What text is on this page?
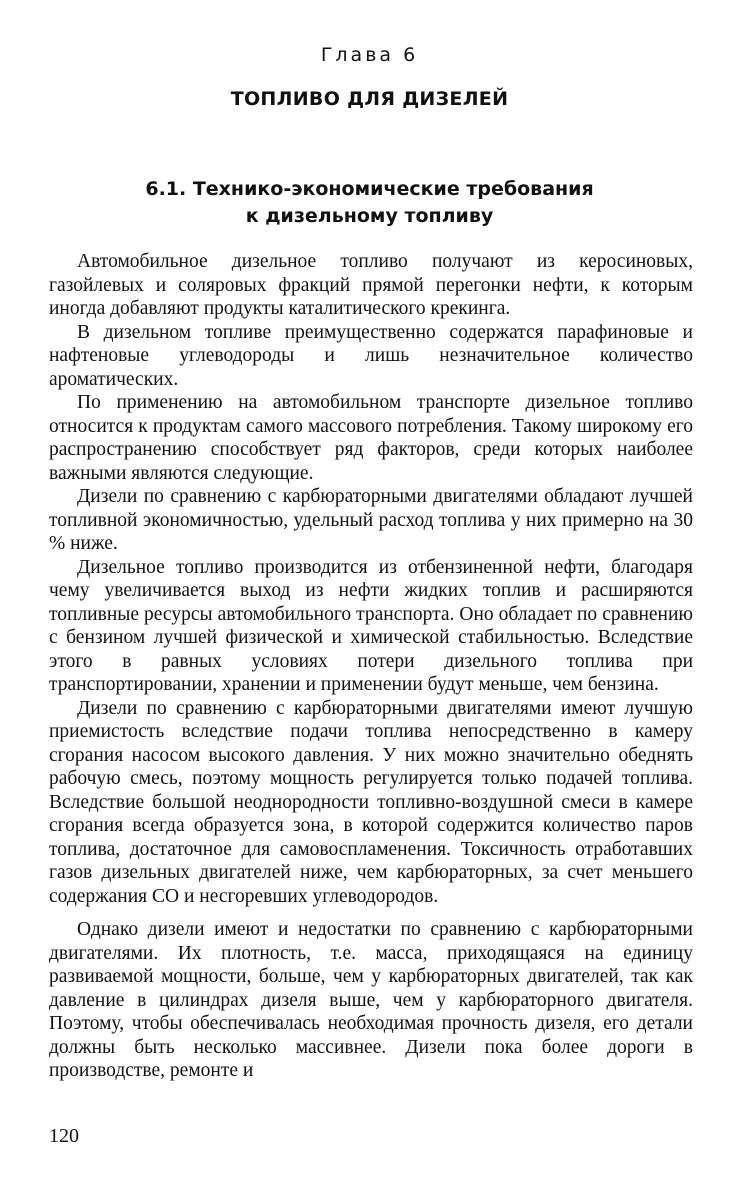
Глава 6
ТОПЛИВО ДЛЯ ДИЗЕЛЕЙ
6.1. Технико-экономические требования
к дизельному топливу

Автомобильное дизельное топливо получают из керосиновых, газойлевых и соляровых фракций прямой перегонки нефти, к которым иногда добавляют продукты каталитического крекинга.

В дизельном топливе преимущественно содержатся парафиновые и нафтеновые углеводороды и лишь незначительное количество ароматических.

По применению на автомобильном транспорте дизельное топливо относится к продуктам самого массового потребления. Такому широкому его распространению способствует ряд факторов, среди которых наиболее важными являются следующие.

Дизели по сравнению с карбюраторными двигателями обладают лучшей топливной экономичностью, удельный расход топлива у них примерно на 30 % ниже.

Дизельное топливо производится из отбензиненной нефти, благодаря чему увеличивается выход из нефти жидких топлив и расширяются топливные ресурсы автомобильного транспорта. Оно обладает по сравнению с бензином лучшей физической и химической стабильностью. Вследствие этого в равных условиях потери дизельного топлива при транспортировании, хранении и применении будут меньше, чем бензина.

Дизели по сравнению с карбюраторными двигателями имеют лучшую приемистость вследствие подачи топлива непосредственно в камеру сгорания насосом высокого давления. У них можно значительно обеднять рабочую смесь, поэтому мощность регулируется только подачей топлива. Вследствие большой неоднородности топливно-воздушной смеси в камере сгорания всегда образуется зона, в которой содержится количество паров топлива, достаточное для самовоспламенения. Токсичность отработавших газов дизельных двигателей ниже, чем карбюраторных, за счет меньшего содержания СО и несгоревших углеводородов.

Однако дизели имеют и недостатки по сравнению с карбюраторными двигателями. Их плотность, т.е. масса, приходящаяся на единицу развиваемой мощности, больше, чем у карбюраторных двигателей, так как давление в цилиндрах дизеля выше, чем у карбюраторного двигателя. Поэтому, чтобы обеспечивалась необходимая прочность дизеля, его детали должны быть несколько массивнее. Дизели пока более дороги в производстве, ремонте и

120
